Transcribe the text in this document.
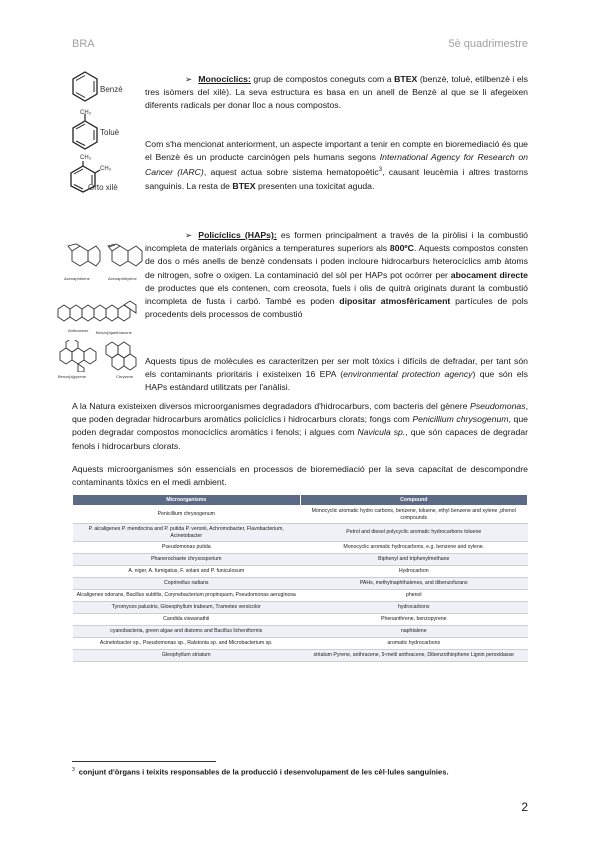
BRA	5è quadrimestre
Benzè
CH₃
Toluè
CH₃
CH₃
Orto xilè
Acenaphthene	Acenaphthylene
Anthracene Benzo[a]anthracene
Benzo[a]pyrene	Chrysene
➢ Monocíclics: grup de compostos coneguts com a BTEX (benzè, toluè, etilbenzè i els tres isòmers del xilè). La seva estructura es basa en un anell de Benzè al que se li afegeixen diferents radicals per donar lloc a nous compostos.
Com s'ha mencionat anteriorment, un aspecte important a tenir en compte en bioremediació és que el Benzè és un producte carcinògen pels humans segons International Agency for Research on Cancer (IARC), aquest actua sobre sistema hematopoètic$^3$, causant leucèmia i altres trastorns sanguinis. La resta de BTEX presenten una toxicitat aguda.
➢ Policíclics (HAPs): es formen principalment a través de la piròlisi i la combustió incompleta de materials orgànics a temperatures superiors als 800ºC. Aquests compostos consten de dos o més anells de benzè condensats i poden incloure hidrocarburs heterocíclics amb àtoms de nitrogen, sofre o oxigen. La contaminació del sòl per HAPs pot ocórrer per abocament directe de productes que els contenen, com creosota, fuels i olis de quitrà originats durant la combustió incompleta de fusta i carbó. També es poden dipositar atmosfèricament partícules de pols procedents dels processos de combustió
Aquests tipus de molècules es caracteritzen per ser molt tòxics i difícils de defradar, per tant són els contaminants prioritaris i existeixen 16 EPA (environmental protection agency) que són els HAPs estàndard utilitzats per l'anàlisi.
A la Natura existeixen diversos microorganismes degradadors d'hidrocarburs, com bacteris del gènere Pseudomonas, que poden degradar hidrocarburs aromàtics policíclics i hidrocarburs clorats; fongs com Penicillium chrysogenum, que poden degradar compostos monocíclics aromàtics i fenols; i algues com Navicula sp., que són capaces de degradar fenols i hidrocarburs clorats.
Aquests microorganismes són essencials en processos de bioremediació per la seva capacitat de descompondre contaminants tòxics en el medi ambient.
Microorganisms	Compound
Penicillium chrysogenum	Monocyclic aromatic hydro carbons, benzene, toluene, ethyl benzene and xylene ,phenol compounds
P. alcaligenes P. mendocina and P. putida P. veronii, Achromobacter, Flavobacterium, Acinetobacter	Petrol and diesel polycyclic aromatic hydrocarbons toluene
Pseudomonas putida	Monocyclic aromatic hydrocarbons, e.g. benzene and xylene.
Phanerochaete chrysosporium	Biphenyl and triphenylmethane
A. niger, A. fumigatus, F. solani and P. funiculosum	Hydrocarbon
Coprinellus radians	PAHs, methylnaphthalenes, and dibenzofurans
Alcaligenes odorans, Bacillus subtilis, Corynebacterium propinquum, Pseudomonas aeruginosa	phenol
Tyromyces palustris, Gloeophyllum trabeum, Trametes versicolor	hydrocarbons
Candida viswanathii	Phenanthrene, benzopyrene
cyanobacteria, green algae and diatoms and Bacillus licheniformis	naphtalene
Acinetobacter sp., Pseudomonas sp., Ralstonia sp. and Microbacterium sp.	aromatic hydrocarbons
Gleophyllum striatum	striatum Pyrene, anthracene, 9-metil anthracene, Dibenzothiophene Lignin peroxidasse
$^3$ conjunt d'òrgans i teixits responsables de la producció i desenvolupament de les cèl·lules sanguínies.
2
